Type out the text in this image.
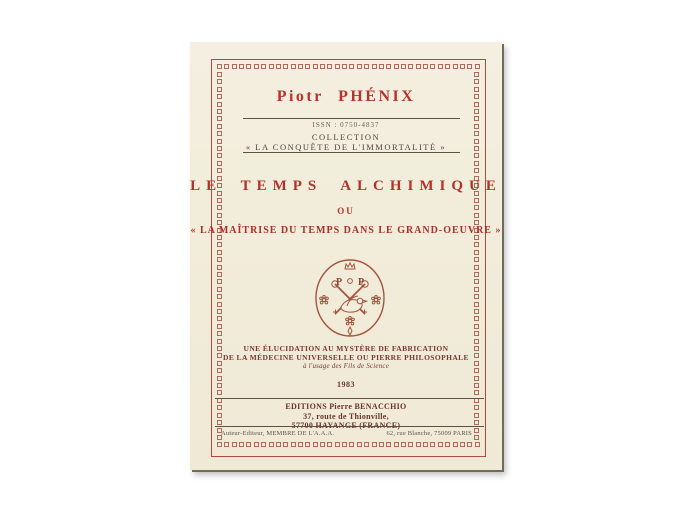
Piotr PHÉNIX
ISSN : 0750-4837
COLLECTION
« LA CONQUÊTE DE L'IMMORTALITÉ »
LE TEMPS ALCHIMIQUE
OU
« LA MAÎTRISE DU TEMPS DANS LE GRAND-OEUVRE »
P P
UNE ÉLUCIDATION AU MYSTÈRE DE FABRICATION
DE LA MÉDECINE UNIVERSELLE OU PIERRE PHILOSOPHALE
à l'usage des Fils de Science
1983
EDITIONS Pierre BENACCHIO
37, route de Thionville,
57700 HAYANGE (FRANCE)
Auteur-Editeur, MEMBRE DE L'A.A.A.	62, rue Blanche, 75009 PARIS
